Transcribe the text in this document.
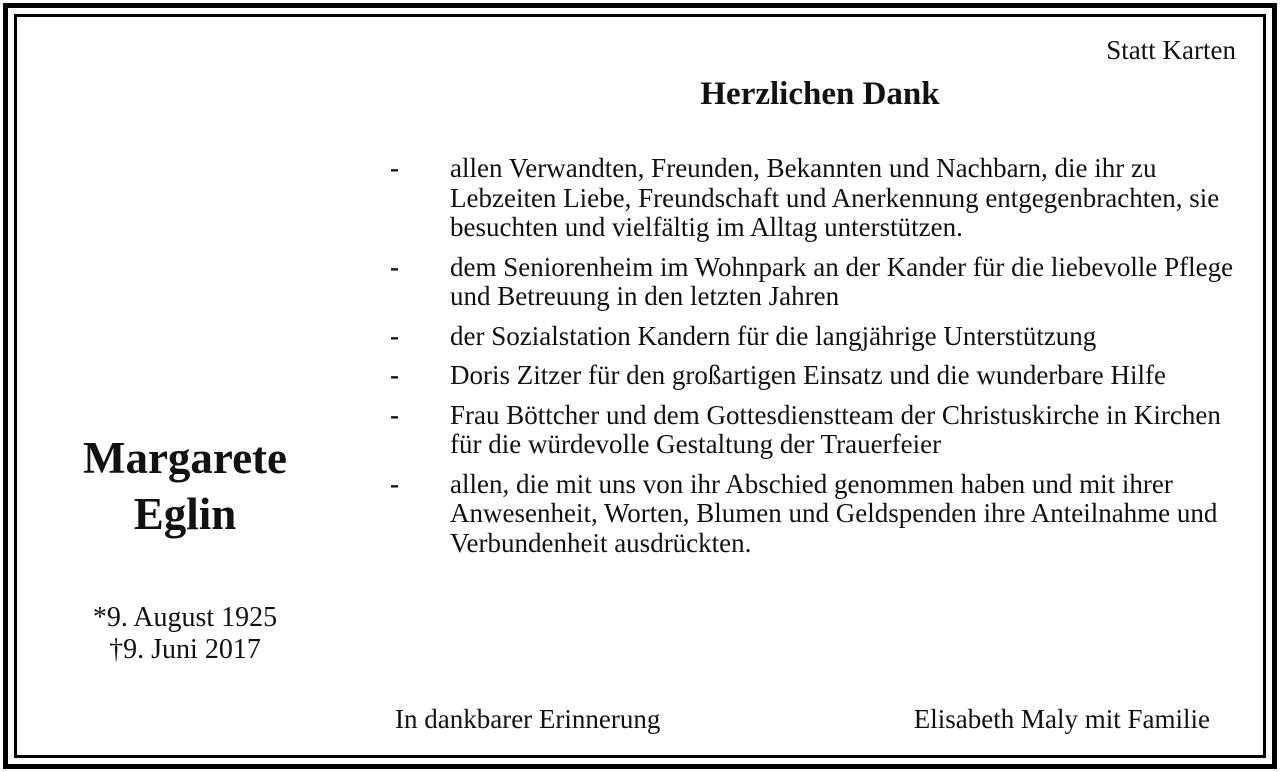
Statt Karten
Herzlichen Dank
-	allen Verwandten, Freunden, Bekannten und Nachbarn, die ihr zu Lebzeiten Liebe, Freundschaft und Anerkennung entgegenbrachten, sie besuchten und vielfältig im Alltag unterstützen.
-	dem Seniorenheim im Wohnpark an der Kander für die liebevolle Pflege und Betreuung in den letzten Jahren
-	der Sozialstation Kandern für die langjährige Unterstützung
-	Doris Zitzer für den großartigen Einsatz und die wunderbare Hilfe
-	Frau Böttcher und dem Gottesdienstteam der Christuskirche in Kirchen für die würdevolle Gestaltung der Trauerfeier
-	allen, die mit uns von ihr Abschied genommen haben und mit ihrer Anwesenheit, Worten, Blumen und Geldspenden ihre Anteilnahme und Verbundenheit ausdrückten.
Margarete
Eglin
*9. August 1925
†9. Juni 2017
In dankbarer Erinnerung	Elisabeth Maly mit Familie
